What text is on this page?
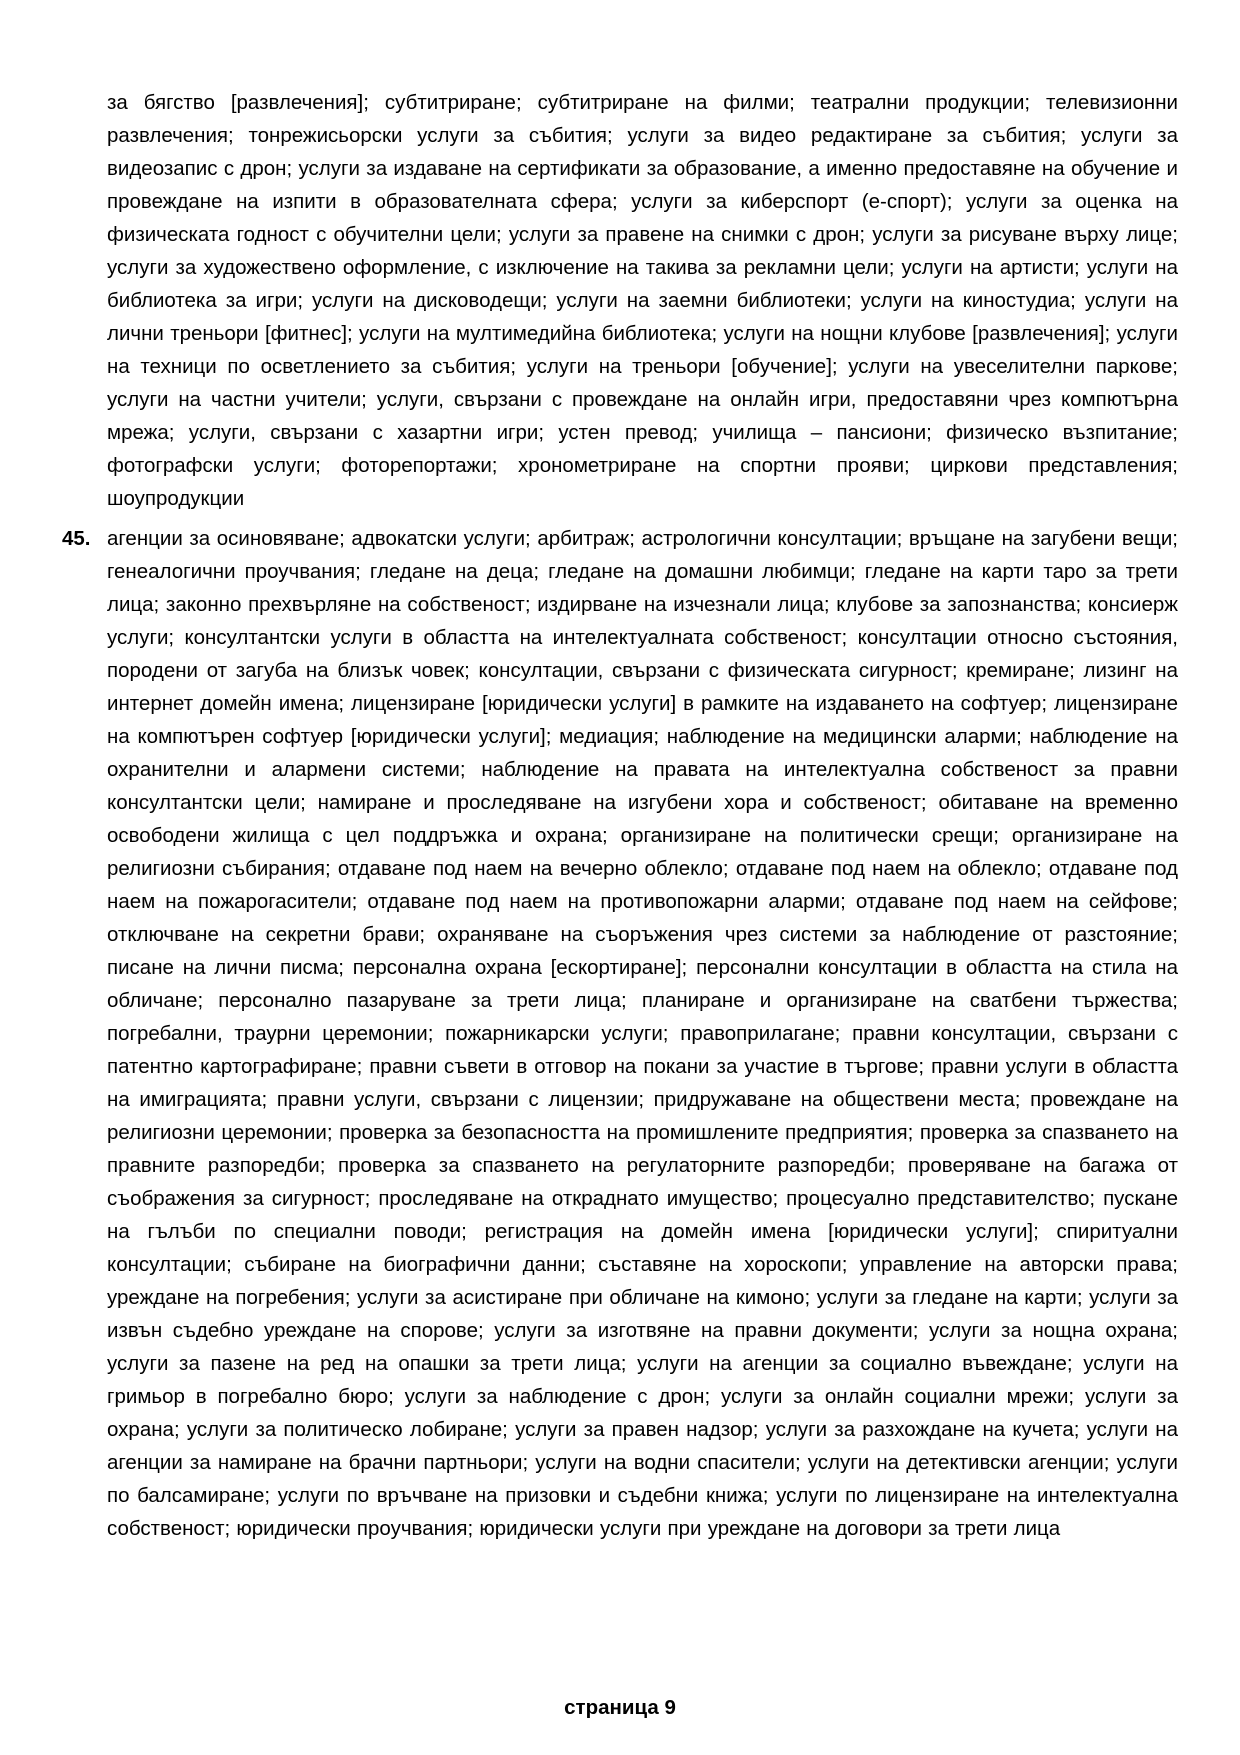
за бягство [развлечения]; субтитриране; субтитриране на филми; театрални продукции; телевизионни развлечения; тонрежисьорски услуги за събития; услуги за видео редактиране за събития; услуги за видеозапис с дрон; услуги за издаване на сертификати за образование, а именно предоставяне на обучение и провеждане на изпити в образователната сфера; услуги за киберспорт (е-спорт); услуги за оценка на физическата годност с обучителни цели; услуги за правене на снимки с дрон; услуги за рисуване върху лице; услуги за художествено оформление, с изключение на такива за рекламни цели; услуги на артисти; услуги на библиотека за игри; услуги на дисководещи; услуги на заемни библиотеки; услуги на киностудиа; услуги на лични треньори [фитнес]; услуги на мултимедийна библиотека; услуги на нощни клубове [развлечения]; услуги на техници по осветлението за събития; услуги на треньори [обучение]; услуги на увеселителни паркове; услуги на частни учители; услуги, свързани с провеждане на онлайн игри, предоставяни чрез компютърна мрежа; услуги, свързани с хазартни игри; устен превод; училища – пансиони; физическо възпитание; фотографски услуги; фоторепортажи; хронометриране на спортни прояви; циркови представления; шоупродукции
45. агенции за осиновяване; адвокатски услуги; арбитраж; астрологични консултации; връщане на загубени вещи; генеалогични проучвания; гледане на деца; гледане на домашни любимци; гледане на карти таро за трети лица; законно прехвърляне на собственост; издирване на изчезнали лица; клубове за запознанства; консиерж услуги; консултантски услуги в областта на интелектуалната собственост; консултации относно състояния, породени от загуба на близък човек; консултации, свързани с физическата сигурност; кремиране; лизинг на интернет домейн имена; лицензиране [юридически услуги] в рамките на издаването на софтуер; лицензиране на компютърен софтуер [юридически услуги]; медиация; наблюдение на медицински аларми; наблюдение на охранителни и алармени системи; наблюдение на правата на интелектуална собственост за правни консултантски цели; намиране и проследяване на изгубени хора и собственост; обитаване на временно освободени жилища с цел поддръжка и охрана; организиране на политически срещи; организиране на религиозни събирания; отдаване под наем на вечерно облекло; отдаване под наем на облекло; отдаване под наем на пожарогасители; отдаване под наем на противопожарни аларми; отдаване под наем на сейфове; отключване на секретни брави; охраняване на съоръжения чрез системи за наблюдение от разстояние; писане на лични писма; персонална охрана [ескортиране]; персонални консултации в областта на стила на обличане; персонално пазаруване за трети лица; планиране и организиране на сватбени тържества; погребални, траурни церемонии; пожарникарски услуги; правоприлагане; правни консултации, свързани с патентно картографиране; правни съвети в отговор на покани за участие в търгове; правни услуги в областта на имиграцията; правни услуги, свързани с лицензии; придружаване на обществени места; провеждане на религиозни церемонии; проверка за безопасността на промишлените предприятия; проверка за спазването на правните разпоредби; проверка за спазването на регулаторните разпоредби; проверяване на багажа от съображения за сигурност; проследяване на откраднато имущество; процесуално представителство; пускане на гълъби по специални поводи; регистрация на домейн имена [юридически услуги]; спиритуални консултации; събиране на биографични данни; съставяне на хороскопи; управление на авторски права; уреждане на погребения; услуги за асистиране при обличане на кимоно; услуги за гледане на карти; услуги за извън съдебно уреждане на спорове; услуги за изготвяне на правни документи; услуги за нощна охрана; услуги за пазене на ред на опашки за трети лица; услуги на агенции за социално въвеждане; услуги на гримьор в погребално бюро; услуги за наблюдение с дрон; услуги за онлайн социални мрежи; услуги за охрана; услуги за политическо лобиране; услуги за правен надзор; услуги за разхождане на кучета; услуги на агенции за намиране на брачни партньори; услуги на водни спасители; услуги на детективски агенции; услуги по балсамиране; услуги по връчване на призовки и съдебни книжа; услуги по лицензиране на интелектуална собственост; юридически проучвания; юридически услуги при уреждане на договори за трети лица
страница 9
